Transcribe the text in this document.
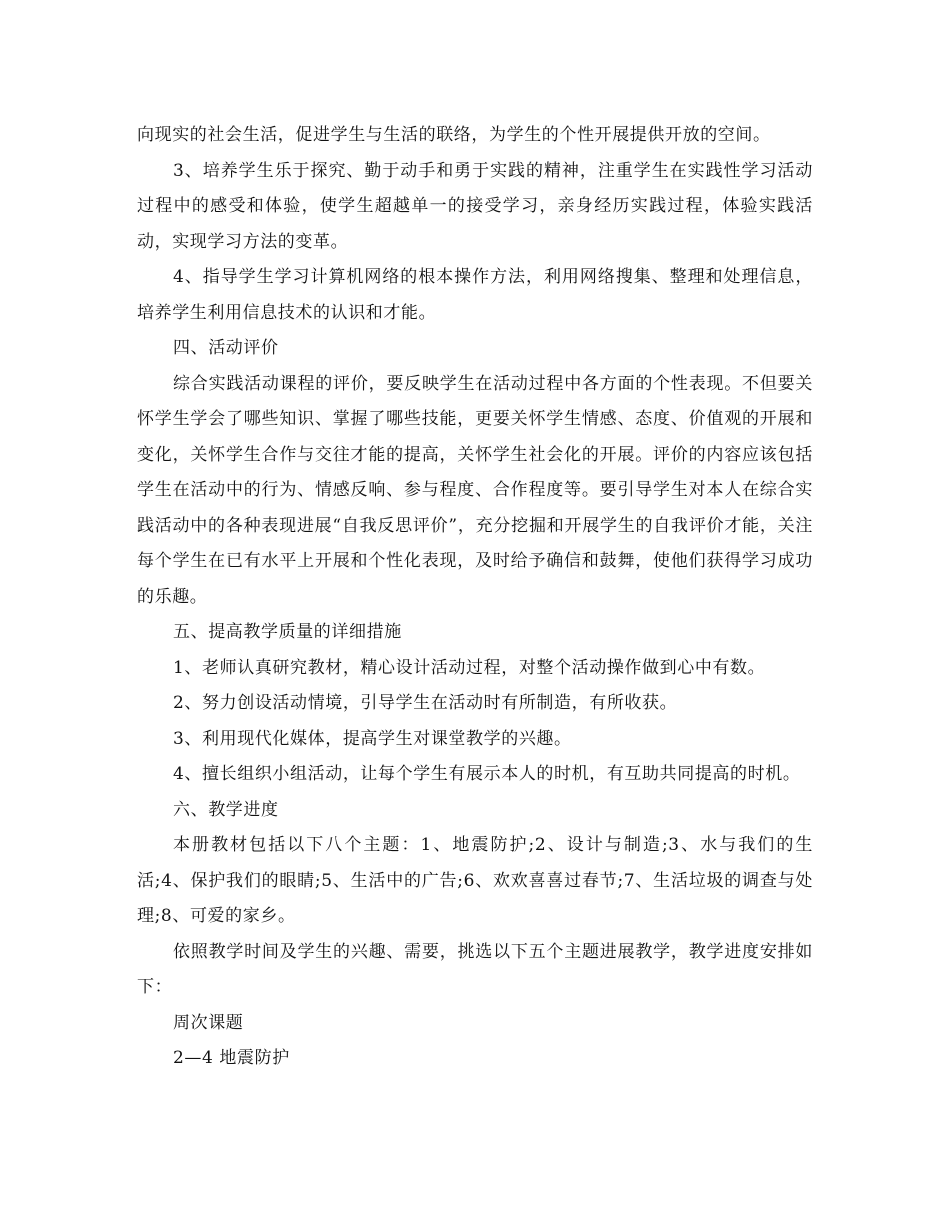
向现实的社会生活，促进学生与生活的联络，为学生的个性开展提供开放的空间。

3、培养学生乐于探究、勤于动手和勇于实践的精神，注重学生在实践性学习活动过程中的感受和体验，使学生超越单一的接受学习，亲身经历实践过程，体验实践活动，实现学习方法的变革。

4、指导学生学习计算机网络的根本操作方法，利用网络搜集、整理和处理信息，培养学生利用信息技术的认识和才能。

四、活动评价

综合实践活动课程的评价，要反映学生在活动过程中各方面的个性表现。不但要关怀学生学会了哪些知识、掌握了哪些技能，更要关怀学生情感、态度、价值观的开展和变化，关怀学生合作与交往才能的提高，关怀学生社会化的开展。评价的内容应该包括学生在活动中的行为、情感反响、参与程度、合作程度等。要引导学生对本人在综合实践活动中的各种表现进展“自我反思评价”，充分挖掘和开展学生的自我评价才能，关注每个学生在已有水平上开展和个性化表现，及时给予确信和鼓舞，使他们获得学习成功的乐趣。

五、提高教学质量的详细措施

1、老师认真研究教材，精心设计活动过程，对整个活动操作做到心中有数。

2、努力创设活动情境，引导学生在活动时有所制造，有所收获。

3、利用现代化媒体，提高学生对课堂教学的兴趣。

4、擅长组织小组活动，让每个学生有展示本人的时机，有互助共同提高的时机。

六、教学进度

本册教材包括以下八个主题：1、地震防护;2、设计与制造;3、水与我们的生活;4、保护我们的眼睛;5、生活中的广告;6、欢欢喜喜过春节;7、生活垃圾的调查与处理;8、可爱的家乡。

依照教学时间及学生的兴趣、需要，挑选以下五个主题进展教学，教学进度安排如下：

周次课题

2—4 地震防护
